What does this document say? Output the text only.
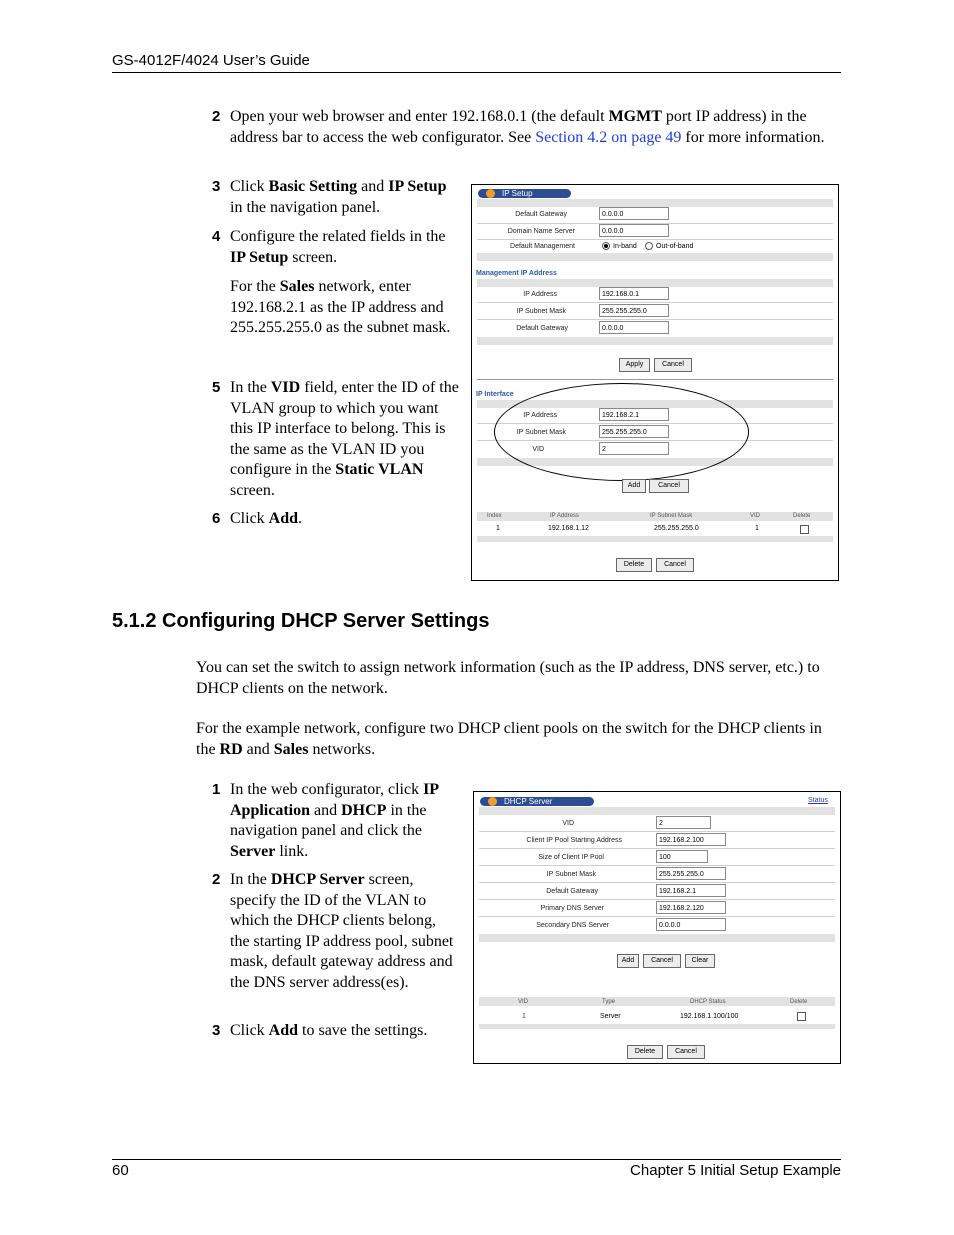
GS-4012F/4024 User’s Guide
60	Chapter 5 Initial Setup Example
2 Open your web browser and enter 192.168.0.1 (the default MGMT port IP address) in the address bar to access the web configurator. See Section 4.2 on page 49 for more information.
3 Click Basic Setting and IP Setup in the navigation panel.
4 Configure the related fields in the IP Setup screen.
For the Sales network, enter 192.168.2.1 as the IP address and 255.255.255.0 as the subnet mask.
5 In the VID field, enter the ID of the VLAN group to which you want this IP interface to belong. This is the same as the VLAN ID you configure in the Static VLAN screen.
6 Click Add.
IP Setup
Default Gateway	0.0.0.0
Domain Name Server	0.0.0.0
Default Management	In-band	Out-of-band
Management IP Address
IP Address	192.168.0.1
IP Subnet Mask	255.255.255.0
Default Gateway	0.0.0.0
Apply	Cancel
IP Interface
IP Address	192.168.2.1
IP Subnet Mask	255.255.255.0
VID	2
Add	Cancel
Index	IP Address	IP Subnet Mask	VID	Delete
1	192.168.1.12	255.255.255.0	1
Delete	Cancel
5.1.2 Configuring DHCP Server Settings
You can set the switch to assign network information (such as the IP address, DNS server, etc.) to DHCP clients on the network.
For the example network, configure two DHCP client pools on the switch for the DHCP clients in the RD and Sales networks.
1 In the web configurator, click IP Application and DHCP in the navigation panel and click the Server link.
2 In the DHCP Server screen, specify the ID of the VLAN to which the DHCP clients belong, the starting IP address pool, subnet mask, default gateway address and the DNS server address(es).
3 Click Add to save the settings.
DHCP Server	Status
VID	2
Client IP Pool Starting Address	192.168.2.100
Size of Client IP Pool	100
IP Subnet Mask	255.255.255.0
Default Gateway	192.168.2.1
Primary DNS Server	192.168.2.120
Secondary DNS Server	0.0.0.0
Add	Cancel	Clear
VID	Type	DHCP Status	Delete
1	Server	192.168.1.100/100
Delete	Cancel
